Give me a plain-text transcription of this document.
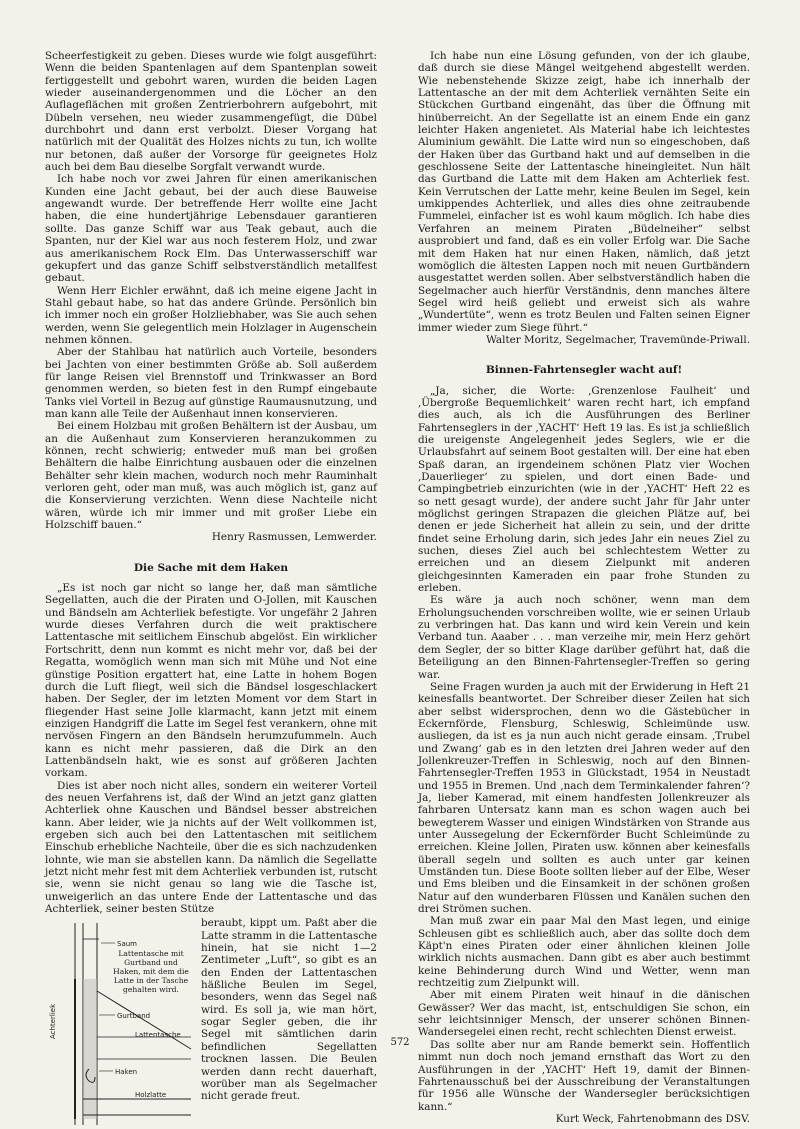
Scheerfestigkeit zu geben. Dieses wurde wie folgt ausgeführt: Wenn die beiden Spantenlagen auf dem Spantenplan soweit fertiggestellt und gebohrt waren, wurden die beiden Lagen wieder auseinandergenommen und die Löcher an den Auflageflächen mit großen Zentrierbohrern aufgebohrt, mit Dübeln versehen, neu wieder zusammengefügt, die Dübel durchbohrt und dann erst verbolzt. Dieser Vorgang hat natürlich mit der Qualität des Holzes nichts zu tun, ich wollte nur betonen, daß außer der Vorsorge für geeignetes Holz auch bei dem Bau dieselbe Sorgfalt verwandt wurde.

Ich habe noch vor zwei Jahren für einen amerikanischen Kunden eine Jacht gebaut, bei der auch diese Bauweise angewandt wurde. Der betreffende Herr wollte eine Jacht haben, die eine hundertjährige Lebensdauer garantieren sollte. Das ganze Schiff war aus Teak gebaut, auch die Spanten, nur der Kiel war aus noch festerem Holz, und zwar aus amerikanischem Rock Elm. Das Unterwasserschiff war gekupfert und das ganze Schiff selbstverständlich metallfest gebaut.

Wenn Herr Eichler erwähnt, daß ich meine eigene Jacht in Stahl gebaut habe, so hat das andere Gründe. Persönlich bin ich immer noch ein großer Holzliebhaber, was Sie auch sehen werden, wenn Sie gelegentlich mein Holzlager in Augenschein nehmen können.

Aber der Stahlbau hat natürlich auch Vorteile, besonders bei Jachten von einer bestimmten Größe ab. Soll außerdem für lange Reisen viel Brennstoff und Trinkwasser an Bord genommen werden, so bieten fest in den Rumpf eingebaute Tanks viel Vorteil in Bezug auf günstige Raumausnutzung, und man kann alle Teile der Außenhaut innen konservieren.

Bei einem Holzbau mit großen Behältern ist der Ausbau, um an die Außenhaut zum Konservieren heranzukommen zu können, recht schwierig; entweder muß man bei großen Behältern die halbe Einrichtung ausbauen oder die einzelnen Behälter sehr klein machen, wodurch noch mehr Rauminhalt verloren geht, oder man muß, was auch möglich ist, ganz auf die Konservierung verzichten. Wenn diese Nachteile nicht wären, würde ich mir immer und mit großer Liebe ein Holzschiff bauen.“

Henry Rasmussen, Lemwerder.

Die Sache mit dem Haken

„Es ist noch gar nicht so lange her, daß man sämtliche Segellatten, auch die der Piraten und O-Jollen, mit Kauschen und Bändseln am Achterliek befestigte. Vor ungefähr 2 Jahren wurde dieses Verfahren durch die weit praktischere Lattentasche mit seitlichem Einschub abgelöst. Ein wirklicher Fortschritt, denn nun kommt es nicht mehr vor, daß bei der Regatta, womöglich wenn man sich mit Mühe und Not eine günstige Position ergattert hat, eine Latte in hohem Bogen durch die Luft fliegt, weil sich die Bändsel losgeschlackert haben. Der Segler, der im letzten Moment vor dem Start in fliegender Hast seine Jolle klarmacht, kann jetzt mit einem einzigen Handgriff die Latte im Segel fest verankern, ohne mit nervösen Fingern an den Bändseln herumzufummeln. Auch kann es nicht mehr passieren, daß die Dirk an den Lattenbändseln hakt, wie es sonst auf größeren Jachten vorkam.

Dies ist aber noch nicht alles, sondern ein weiterer Vorteil des neuen Verfahrens ist, daß der Wind an jetzt ganz glatten Achterliek ohne Kauschen und Bändsel besser abstreichen kann. Aber leider, wie ja nichts auf der Welt vollkommen ist, ergeben sich auch bei den Lattentaschen mit seitlichem Einschub erhebliche Nachteile, über die es sich nachzudenken lohnte, wie man sie abstellen kann. Da nämlich die Segellatte jetzt nicht mehr fest mit dem Achterliek verbunden ist, rutscht sie, wenn sie nicht genau so lang wie die Tasche ist, unweigerlich an das untere Ende der Lattentasche und das Achterliek, seiner besten Stütze

Saum
Gurtband
Lattentasche
Achterliek
Haken
Holzlatte
Lattentasche mit Gurtband und Haken, mit dem die Latte in der Tasche gehalten wird.

beraubt, kippt um. Paßt aber die Latte stramm in die Lattentasche hinein, hat sie nicht 1—2 Zentimeter „Luft“, so gibt es an den Enden der Lattentaschen häßliche Beulen im Segel, besonders, wenn das Segel naß wird. Es soll ja, wie man hört, sogar Segler geben, die ihr Segel mit sämtlichen darin befindlichen Segellatten trocknen lassen. Die Beulen werden dann recht dauerhaft, worüber man als Segelmacher nicht gerade freut.

Ich habe nun eine Lösung gefunden, von der ich glaube, daß durch sie diese Mängel weitgehend abgestellt werden. Wie nebenstehende Skizze zeigt, habe ich innerhalb der Lattentasche an der mit dem Achterliek vernähten Seite ein Stückchen Gurtband eingenäht, das über die Öffnung mit hinüberreicht. An der Segellatte ist an einem Ende ein ganz leichter Haken angenietet. Als Material habe ich leichtestes Aluminium gewählt. Die Latte wird nun so eingeschoben, daß der Haken über das Gurtband hakt und auf demselben in die geschlossene Seite der Lattentasche hineingleitet. Nun hält das Gurtband die Latte mit dem Haken am Achterliek fest. Kein Verrutschen der Latte mehr, keine Beulen im Segel, kein umkippendes Achterliek, und alles dies ohne zeitraubende Fummelei, einfacher ist es wohl kaum möglich. Ich habe dies Verfahren an meinem Piraten „Büdelneiher“ selbst ausprobiert und fand, daß es ein voller Erfolg war. Die Sache mit dem Haken hat nur einen Haken, nämlich, daß jetzt womöglich die ältesten Lappen noch mit neuen Gurtbändern ausgestattet werden sollen. Aber selbstverständlich haben die Segelmacher auch hierfür Verständnis, denn manches ältere Segel wird heiß geliebt und erweist sich als wahre „Wundertüte“, wenn es trotz Beulen und Falten seinen Eigner immer wieder zum Siege führt.“

Walter Moritz, Segelmacher, Travemünde-Priwall.

Binnen-Fahrtensegler wacht auf!

„Ja, sicher, die Worte: ‚Grenzenlose Faulheit‘ und ‚Übergroße Bequemlichkeit‘ waren recht hart, ich empfand dies auch, als ich die Ausführungen des Berliner Fahrtenseglers in der ‚YACHT‘ Heft 19 las. Es ist ja schließlich die ureigenste Angelegenheit jedes Seglers, wie er die Urlaubsfahrt auf seinem Boot gestalten will. Der eine hat eben Spaß daran, an irgendeinem schönen Platz vier Wochen ‚Dauerlieger‘ zu spielen, und dort einen Bade- und Campingbetrieb einzurichten (wie in der ‚YACHT‘ Heft 22 es so nett gesagt wurde), der andere sucht Jahr für Jahr unter möglichst geringen Strapazen die gleichen Plätze auf, bei denen er jede Sicherheit hat allein zu sein, und der dritte findet seine Erholung darin, sich jedes Jahr ein neues Ziel zu suchen, dieses Ziel auch bei schlechtestem Wetter zu erreichen und an diesem Zielpunkt mit anderen gleichgesinnten Kameraden ein paar frohe Stunden zu erleben.

Es wäre ja auch noch schöner, wenn man dem Erholungsuchenden vorschreiben wollte, wie er seinen Urlaub zu verbringen hat. Das kann und wird kein Verein und kein Verband tun. Aaaber . . . man verzeihe mir, mein Herz gehört dem Segler, der so bitter Klage darüber geführt hat, daß die Beteiligung an den Binnen-Fahrtensegler-Treffen so gering war.

Seine Fragen wurden ja auch mit der Erwiderung in Heft 21 keinesfalls beantwortet. Der Schreiber dieser Zeilen hat sich aber selbst widersprochen, denn wo die Gästebücher in Eckernförde, Flensburg, Schleswig, Schleimünde usw. ausliegen, da ist es ja nun auch nicht gerade einsam. ‚Trubel und Zwang‘ gab es in den letzten drei Jahren weder auf den Jollenkreuzer-Treffen in Schleswig, noch auf den Binnen-Fahrtensegler-Treffen 1953 in Glückstadt, 1954 in Neustadt und 1955 in Bremen. Und ‚nach dem Terminkalender fahren‘? Ja, lieber Kamerad, mit einem handfesten Jollenkreuzer als fahrbaren Untersatz kann man es schon wagen auch bei bewegterem Wasser und einigen Windstärken von Strande aus unter Aussegelung der Eckernförder Bucht Schleimünde zu erreichen. Kleine Jollen, Piraten usw. können aber keinesfalls überall segeln und sollten es auch unter gar keinen Umständen tun. Diese Boote sollten lieber auf der Elbe, Weser und Ems bleiben und die Einsamkeit in der schönen großen Natur auf den wunderbaren Flüssen und Kanälen suchen den drei Strömen suchen.

Man muß zwar ein paar Mal den Mast legen, und einige Schleusen gibt es schließlich auch, aber das sollte doch dem Käpt'n eines Piraten oder einer ähnlichen kleinen Jolle wirklich nichts ausmachen. Dann gibt es aber auch bestimmt keine Behinderung durch Wind und Wetter, wenn man rechtzeitig zum Zielpunkt will.

Aber mit einem Piraten weit hinauf in die dänischen Gewässer? Wer das macht, ist, entschuldigen Sie schon, ein sehr leichtsinniger Mensch, der unserer schönen Binnen-Wandersegelei einen recht, recht schlechten Dienst erweist.

Das sollte aber nur am Rande bemerkt sein. Hoffentlich nimmt nun doch noch jemand ernsthaft das Wort zu den Ausführungen in der ‚YACHT‘ Heft 19, damit der Binnen-Fahrtenausschuß bei der Ausschreibung der Veranstaltungen für 1956 alle Wünsche der Wandersegler berücksichtigen kann.“

Kurt Weck, Fahrtenobmann des DSV.

572
